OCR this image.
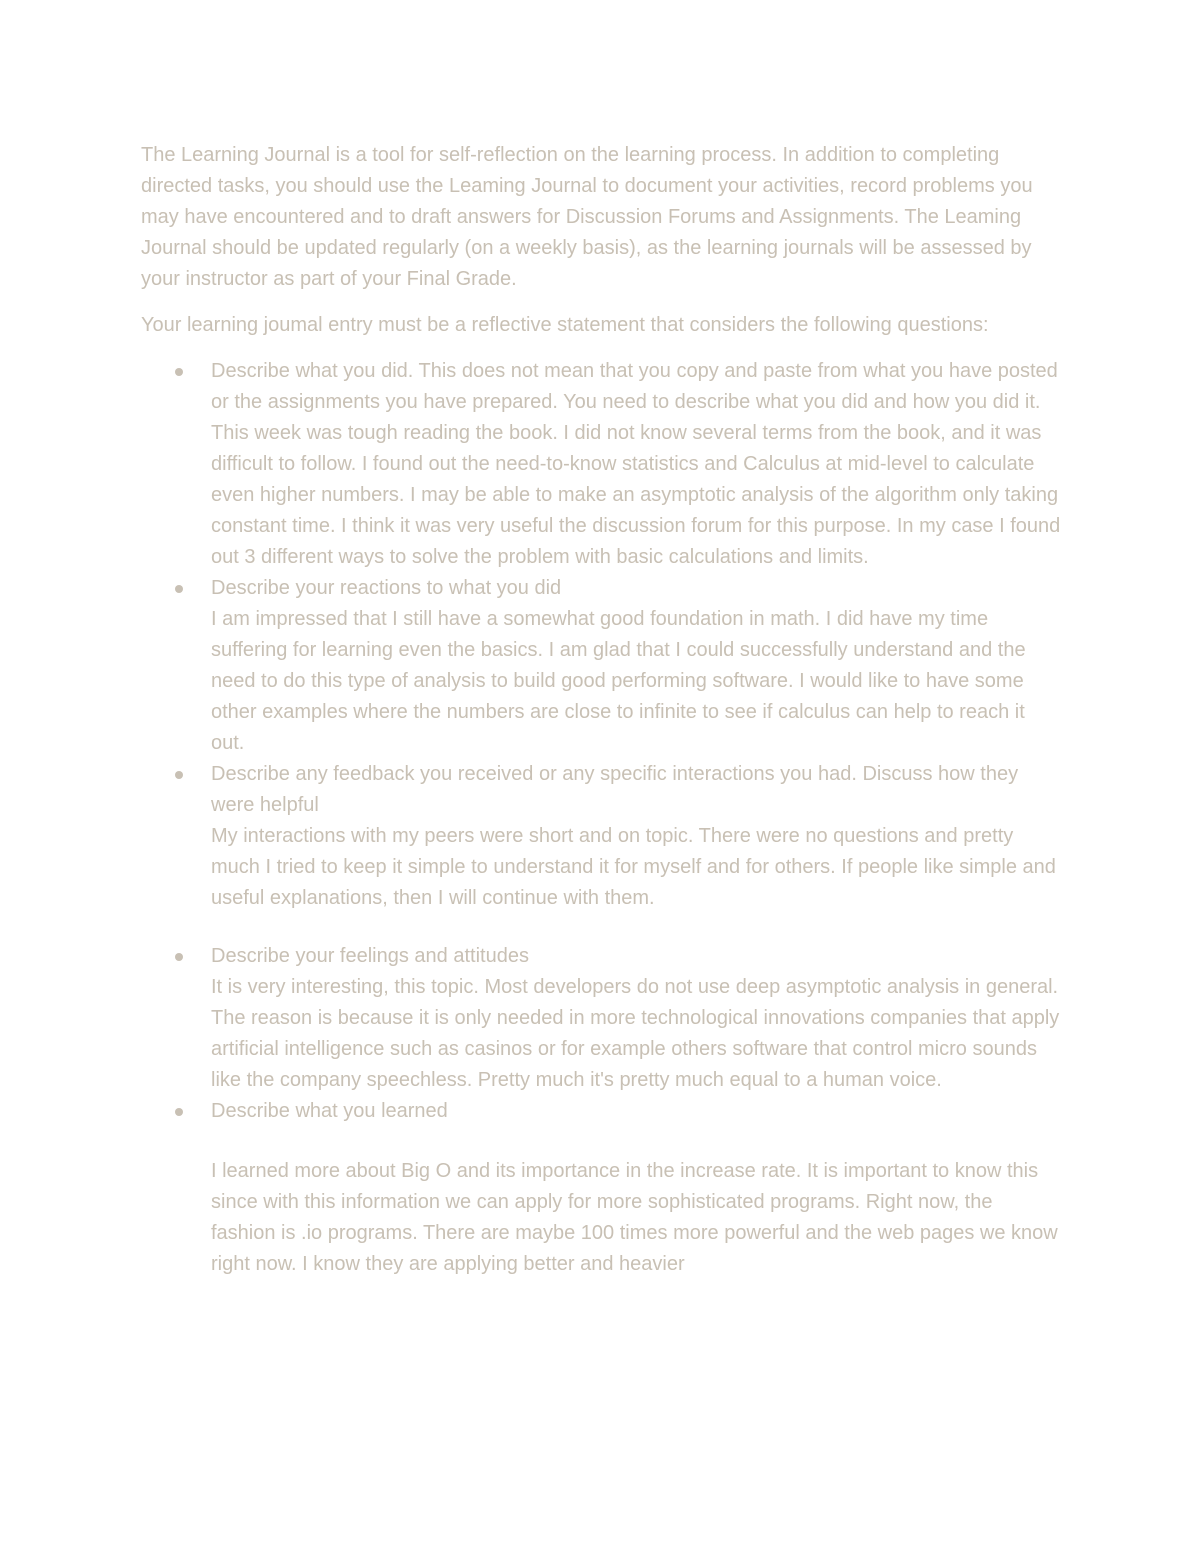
The Learning Journal is a tool for self-reflection on the learning process. In addition to completing directed tasks, you should use the Leaming Journal to document your activities, record problems you may have encountered and to draft answers for Discussion Forums and Assignments. The Leaming Journal should be updated regularly (on a weekly basis), as the learning journals will be assessed by your instructor as part of your Final Grade.

Your learning joumal entry must be a reflective statement that considers the following questions:

Describe what you did. This does not mean that you copy and paste from what you have posted or the assignments you have prepared. You need to describe what you did and how you did it.
This week was tough reading the book. I did not know several terms from the book, and it was difficult to follow. I found out the need-to-know statistics and Calculus at mid-level to calculate even higher numbers. I may be able to make an asymptotic analysis of the algorithm only taking constant time. I think it was very useful the discussion forum for this purpose. In my case I found out 3 different ways to solve the problem with basic calculations and limits.
Describe your reactions to what you did
I am impressed that I still have a somewhat good foundation in math. I did have my time suffering for learning even the basics. I am glad that I could successfully understand and the need to do this type of analysis to build good performing software. I would like to have some other examples where the numbers are close to infinite to see if calculus can help to reach it out.
Describe any feedback you received or any specific interactions you had. Discuss how they were helpful
My interactions with my peers were short and on topic. There were no questions and pretty much I tried to keep it simple to understand it for myself and for others. If people like simple and useful explanations, then I will continue with them.
Describe your feelings and attitudes
It is very interesting, this topic. Most developers do not use deep asymptotic analysis in general. The reason is because it is only needed in more technological innovations companies that apply artificial intelligence such as casinos or for example others software that control micro sounds like the company speechless. Pretty much it's pretty much equal to a human voice.
Describe what you learned
I learned more about Big O and its importance in the increase rate. It is important to know this since with this information we can apply for more sophisticated programs. Right now, the fashion is .io programs. There are maybe 100 times more powerful and the web pages we know right now. I know they are applying better and heavier
